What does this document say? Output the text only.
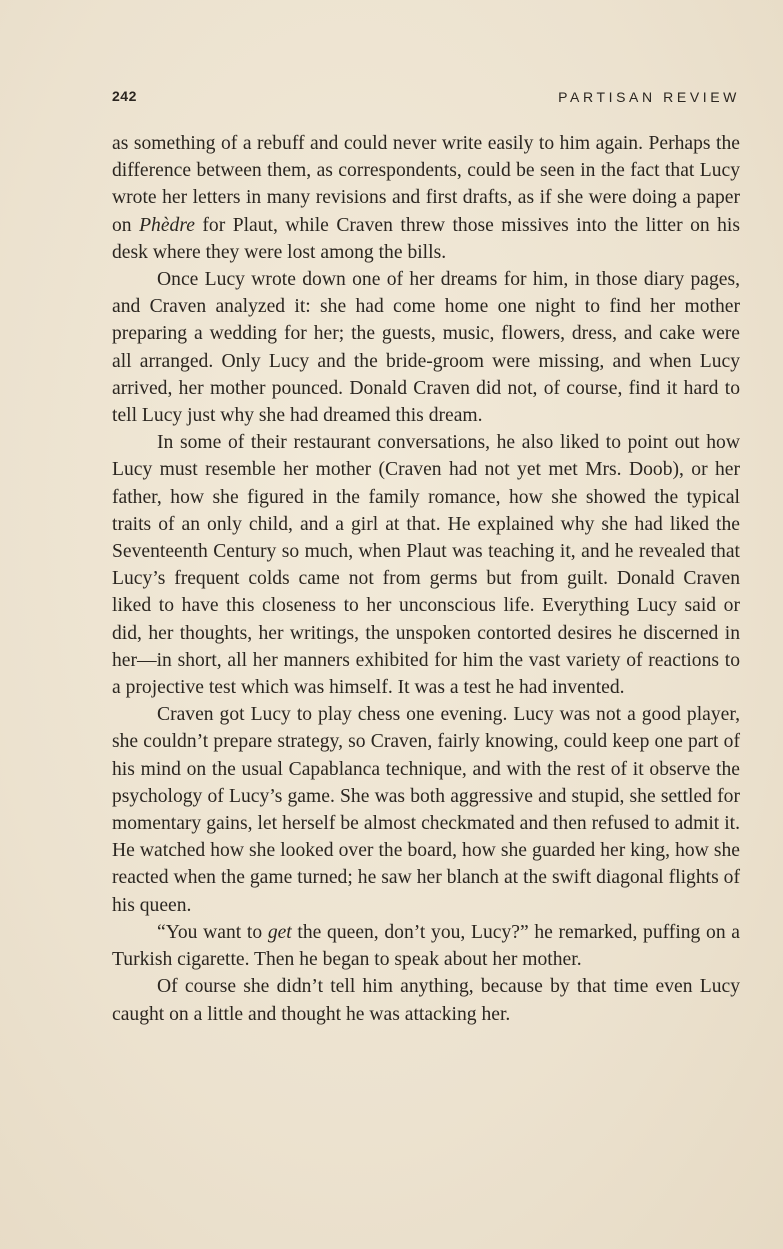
242	PARTISAN REVIEW

as something of a rebuff and could never write easily to him again. Perhaps the difference between them, as correspondents, could be seen in the fact that Lucy wrote her letters in many revisions and first drafts, as if she were doing a paper on Phèdre for Plaut, while Craven threw those missives into the litter on his desk where they were lost among the bills.

Once Lucy wrote down one of her dreams for him, in those diary pages, and Craven analyzed it: she had come home one night to find her mother preparing a wedding for her; the guests, music, flowers, dress, and cake were all arranged. Only Lucy and the bride-groom were missing, and when Lucy arrived, her mother pounced. Donald Craven did not, of course, find it hard to tell Lucy just why she had dreamed this dream.

In some of their restaurant conversations, he also liked to point out how Lucy must resemble her mother (Craven had not yet met Mrs. Doob), or her father, how she figured in the family romance, how she showed the typical traits of an only child, and a girl at that. He explained why she had liked the Seventeenth Century so much, when Plaut was teaching it, and he revealed that Lucy’s frequent colds came not from germs but from guilt. Donald Craven liked to have this closeness to her unconscious life. Everything Lucy said or did, her thoughts, her writings, the unspoken contorted desires he discerned in her—in short, all her manners exhibited for him the vast variety of reactions to a projective test which was himself. It was a test he had invented.

Craven got Lucy to play chess one evening. Lucy was not a good player, she couldn’t prepare strategy, so Craven, fairly knowing, could keep one part of his mind on the usual Capablanca technique, and with the rest of it observe the psychology of Lucy’s game. She was both aggressive and stupid, she settled for momentary gains, let herself be almost checkmated and then refused to admit it. He watched how she looked over the board, how she guarded her king, how she reacted when the game turned; he saw her blanch at the swift diagonal flights of his queen.

“You want to get the queen, don’t you, Lucy?” he remarked, puffing on a Turkish cigarette. Then he began to speak about her mother.

Of course she didn’t tell him anything, because by that time even Lucy caught on a little and thought he was attacking her.
